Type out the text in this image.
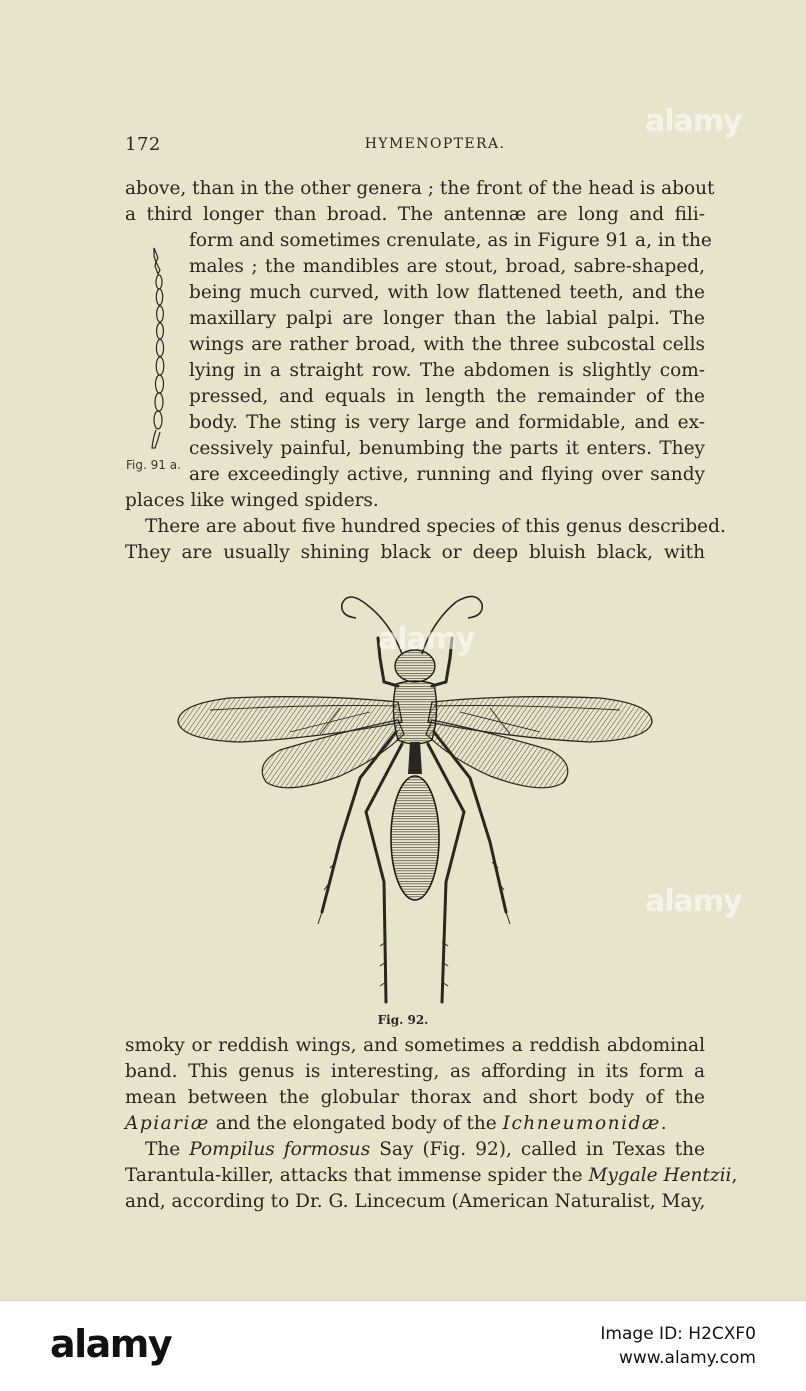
172	HYMENOPTERA.
above, than in the other genera ; the front of the head is about
a third longer than broad. The antennæ are long and fili-
form and sometimes crenulate, as in Figure 91 a, in the
males ; the mandibles are stout, broad, sabre-shaped,
being much curved, with low flattened teeth, and the
maxillary palpi are longer than the labial palpi. The
wings are rather broad, with the three subcostal cells
lying in a straight row. The abdomen is slightly com-
pressed, and equals in length the remainder of the
body. The sting is very large and formidable, and ex-
cessively painful, benumbing the parts it enters. They
are exceedingly active, running and flying over sandy
places like winged spiders.
There are about five hundred species of this genus described.
They are usually shining black or deep bluish black, with
Fig. 91 a.
Fig. 92.
smoky or reddish wings, and sometimes a reddish abdominal
band. This genus is interesting, as affording in its form a
mean between the globular thorax and short body of the
Apiariæ and the elongated body of the Ichneumonidæ.
The Pompilus formosus Say (Fig. 92), called in Texas the
Tarantula-killer, attacks that immense spider the Mygale Hentzii,
and, according to Dr. G. Lincecum (American Naturalist, May,
alamy
alamy
alamy
alamy	Image ID: H2CXF0
www.alamy.com
